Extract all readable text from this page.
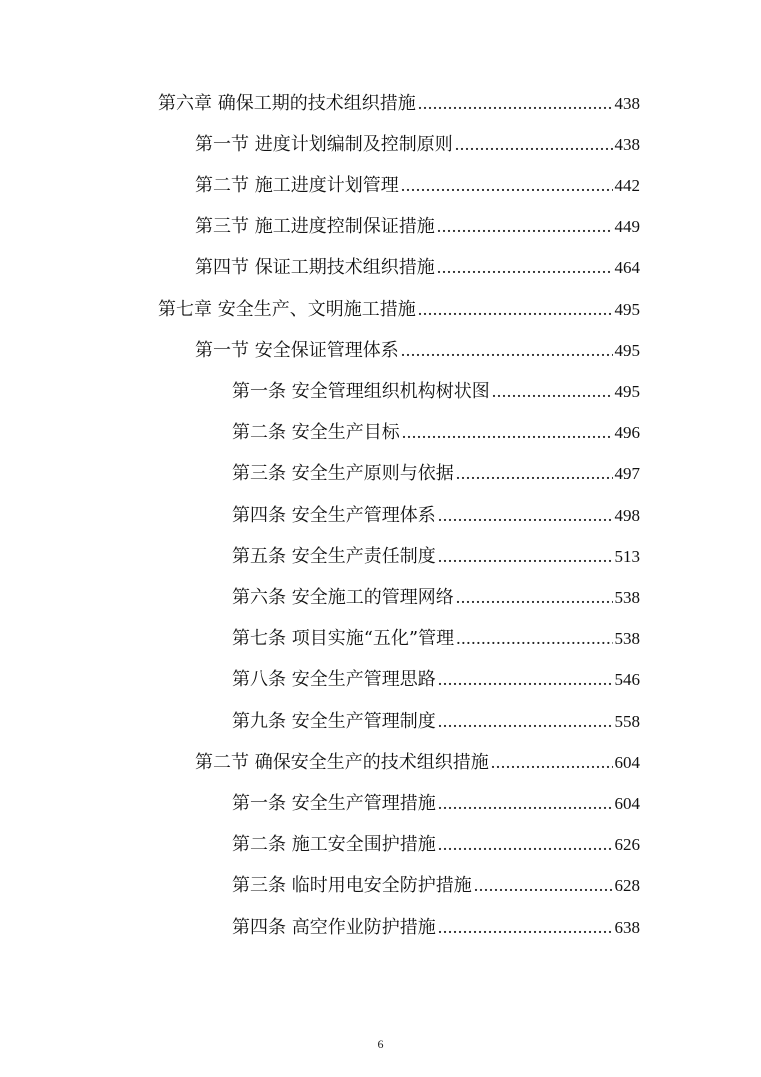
第六章 确保工期的技术组织措施 .....	438
第一节 进度计划编制及控制原则 .....	438
第二节 施工进度计划管理 .....	442
第三节 施工进度控制保证措施 .....	449
第四节 保证工期技术组织措施 .....	464
第七章 安全生产、文明施工措施 .....	495
第一节 安全保证管理体系 .....	495
第一条 安全管理组织机构树状图 .....	495
第二条 安全生产目标 .....	496
第三条 安全生产原则与依据 .....	497
第四条 安全生产管理体系 .....	498
第五条 安全生产责任制度 .....	513
第六条 安全施工的管理网络 .....	538
第七条 项目实施“五化”管理 .....	538
第八条 安全生产管理思路 .....	546
第九条 安全生产管理制度 .....	558
第二节 确保安全生产的技术组织措施 .....	604
第一条 安全生产管理措施 .....	604
第二条 施工安全围护措施 .....	626
第三条 临时用电安全防护措施 .....	628
第四条 高空作业防护措施 .....	638
6
